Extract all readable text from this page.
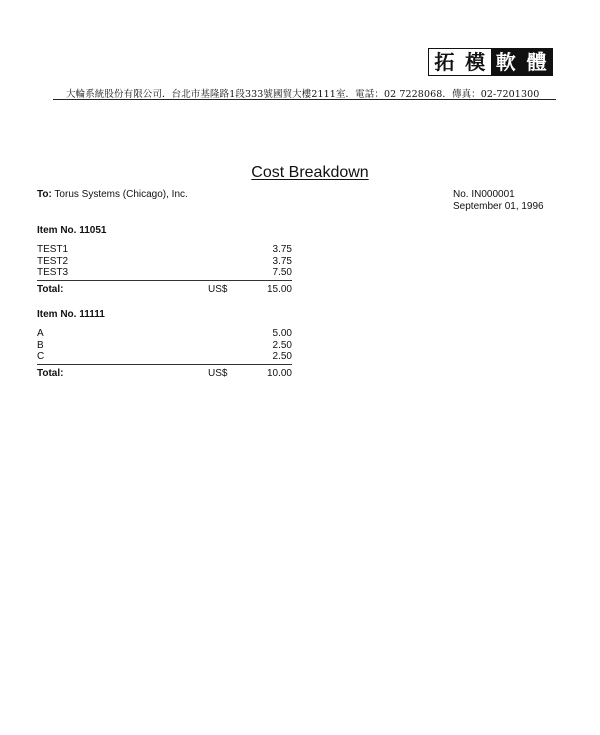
拓 模 軟 體
大輪系統股份有限公司．台北市基隆路1段333號國貿大樓2111室．電話：02 7228068．傳真：02-7201300
Cost Breakdown
To: Torus Systems (Chicago), Inc.	No. IN000001
September 01, 1996
Item No. 11051
TEST1	3.75
TEST2	3.75
TEST3	7.50
Total:	US$	15.00
Item No. 11111
A	5.00
B	2.50
C	2.50
Total:	US$	10.00
